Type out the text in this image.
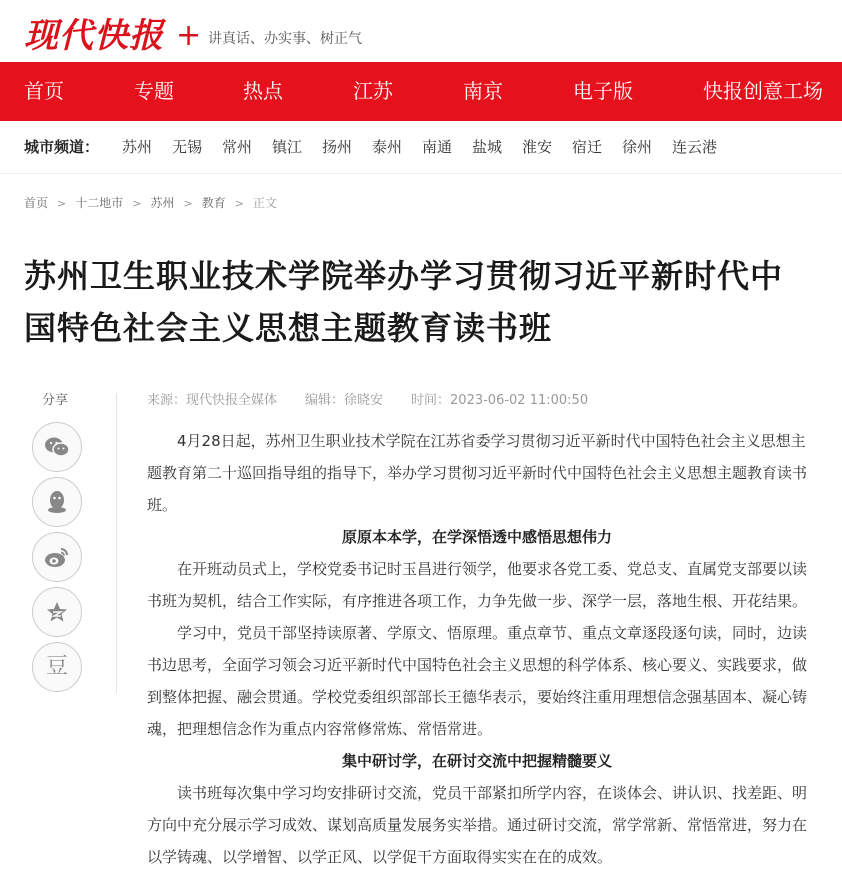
现代快报 + 讲真话、办实事、树正气
首页	专题	热点	江苏	南京	电子版	快报创意工场
城市频道： 苏州 无锡 常州 镇江 扬州 泰州 南通 盐城 淮安 宿迁 徐州 连云港
首页 > 十二地市 > 苏州 > 教育 > 正文
苏州卫生职业技术学院举办学习贯彻习近平新时代中国特色社会主义思想主题教育读书班
分享
豆
来源：现代快报全媒体 编辑：徐晓安 时间：2023-06-02 11:00:50

4月28日起，苏州卫生职业技术学院在江苏省委学习贯彻习近平新时代中国特色社会主义思想主题教育第二十巡回指导组的指导下，举办学习贯彻习近平新时代中国特色社会主义思想主题教育读书班。

原原本本学，在学深悟透中感悟思想伟力

在开班动员式上，学校党委书记时玉昌进行领学，他要求各党工委、党总支、直属党支部要以读书班为契机，结合工作实际，有序推进各项工作，力争先做一步、深学一层，落地生根、开花结果。

学习中，党员干部坚持读原著、学原文、悟原理。重点章节、重点文章逐段逐句读，同时，边读书边思考，全面学习领会习近平新时代中国特色社会主义思想的科学体系、核心要义、实践要求，做到整体把握、融会贯通。学校党委组织部部长王德华表示，要始终注重用理想信念强基固本、凝心铸魂，把理想信念作为重点内容常修常炼、常悟常进。

集中研讨学，在研讨交流中把握精髓要义

读书班每次集中学习均安排研讨交流，党员干部紧扣所学内容，在谈体会、讲认识、找差距、明方向中充分展示学习成效、谋划高质量发展务实举措。通过研讨交流，常学常新、常悟常进，努力在以学铸魂、以学增智、以学正风、以学促干方面取得实实在在的成效。
